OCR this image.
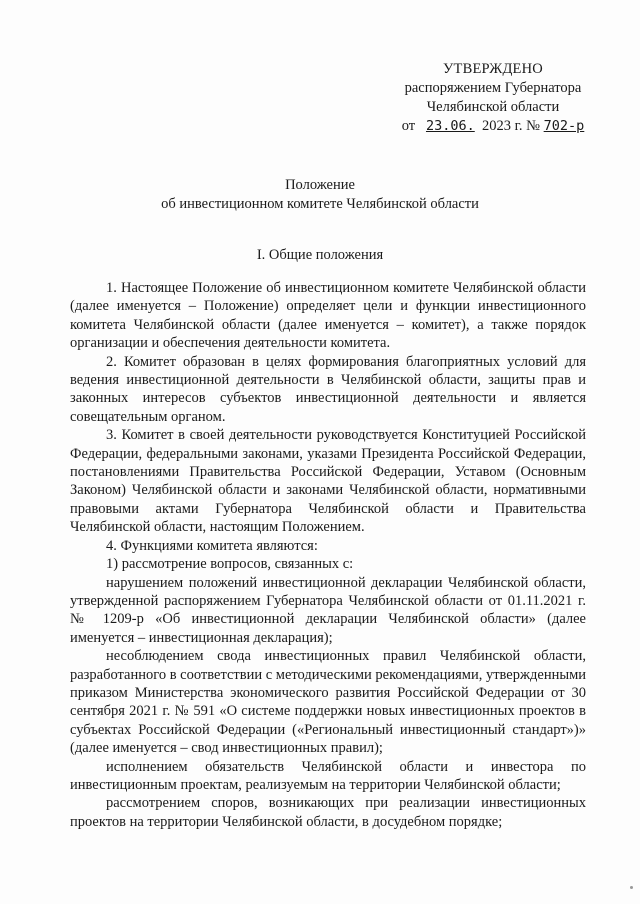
УТВЕРЖДЕНО
распоряжением Губернатора
Челябинской области
от 23.06. 2023 г. № 702-р
Положение
об инвестиционном комитете Челябинской области
I. Общие положения

1. Настоящее Положение об инвестиционном комитете Челябинской области (далее именуется – Положение) определяет цели и функции инвестиционного комитета Челябинской области (далее именуется – комитет), а также порядок организации и обеспечения деятельности комитета.

2. Комитет образован в целях формирования благоприятных условий для ведения инвестиционной деятельности в Челябинской области, защиты прав и законных интересов субъектов инвестиционной деятельности и является совещательным органом.

3. Комитет в своей деятельности руководствуется Конституцией Российской Федерации, федеральными законами, указами Президента Российской Федерации, постановлениями Правительства Российской Федерации, Уставом (Основным Законом) Челябинской области и законами Челябинской области, нормативными правовыми актами Губернатора Челябинской области и Правительства Челябинской области, настоящим Положением.

4. Функциями комитета являются:

1) рассмотрение вопросов, связанных с:

нарушением положений инвестиционной декларации Челябинской области, утвержденной распоряжением Губернатора Челябинской области от 01.11.2021 г. № 1209-р «Об инвестиционной декларации Челябинской области» (далее именуется – инвестиционная декларация);

несоблюдением свода инвестиционных правил Челябинской области, разработанного в соответствии с методическими рекомендациями, утвержденными приказом Министерства экономического развития Российской Федерации от 30 сентября 2021 г. № 591 «О системе поддержки новых инвестиционных проектов в субъектах Российской Федерации («Региональный инвестиционный стандарт»)» (далее именуется – свод инвестиционных правил);

исполнением обязательств Челябинской области и инвестора по инвестиционным проектам, реализуемым на территории Челябинской области;

рассмотрением споров, возникающих при реализации инвестиционных проектов на территории Челябинской области, в досудебном порядке;
